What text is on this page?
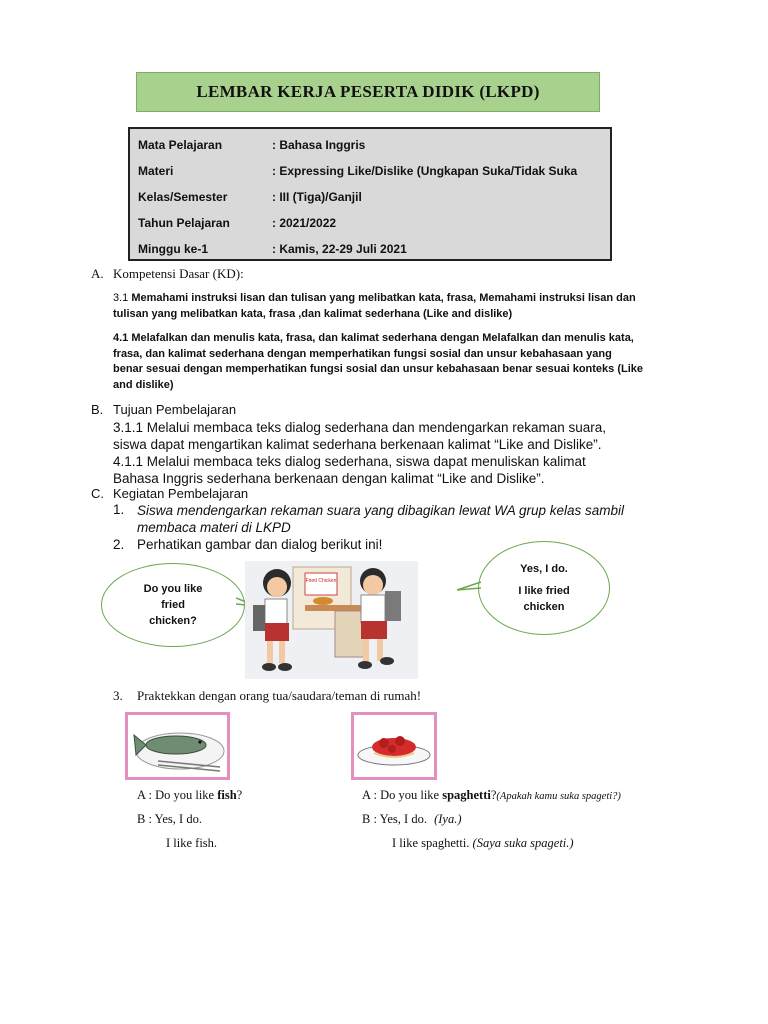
LEMBAR KERJA PESERTA DIDIK (LKPD)
Mata Pelajaran	: Bahasa Inggris
Materi	: Expressing Like/Dislike (Ungkapan Suka/Tidak Suka
Kelas/Semester	: III (Tiga)/Ganjil
Tahun Pelajaran	: 2021/2022
Minggu ke-1	: Kamis, 22-29 Juli 2021
A. Kompetensi Dasar (KD):
3.1 Memahami instruksi lisan dan tulisan yang melibatkan kata, frasa, Memahami instruksi lisan dan
tulisan yang melibatkan kata, frasa ,dan kalimat sederhana (Like and dislike)
4.1 Melafalkan dan menulis kata, frasa, dan kalimat sederhana dengan Melafalkan dan menulis kata,
frasa, dan kalimat sederhana dengan memperhatikan fungsi sosial dan unsur kebahasaan yang
benar sesuai dengan memperhatikan fungsi sosial dan unsur kebahasaan benar sesuai konteks (Like
and dislike)
B. Tujuan Pembelajaran
3.1.1 Melalui membaca teks dialog sederhana dan mendengarkan rekaman suara,
siswa dapat mengartikan kalimat sederhana berkenaan kalimat “Like and Dislike”.
4.1.1 Melalui membaca teks dialog sederhana, siswa dapat menuliskan kalimat
Bahasa Inggris sederhana berkenaan dengan kalimat “Like and Dislike”.
C. Kegiatan Pembelajaran
1. Siswa mendengarkan rekaman suara yang dibagikan lewat WA grup kelas sambil
membaca materi di LKPD
2. Perhatikan gambar dan dialog berikut ini!
Do you like
fried
chicken?
Yes, I do.
I like fried
chicken
Fried Chicken
3. Praktekkan dengan orang tua/saudara/teman di rumah!
A : Do you like fish?
B : Yes, I do.
I like fish.
A : Do you like spaghetti?(Apakah kamu suka spageti?)
B : Yes, I do. (Iya.)
I like spaghetti. (Saya suka spageti.)
